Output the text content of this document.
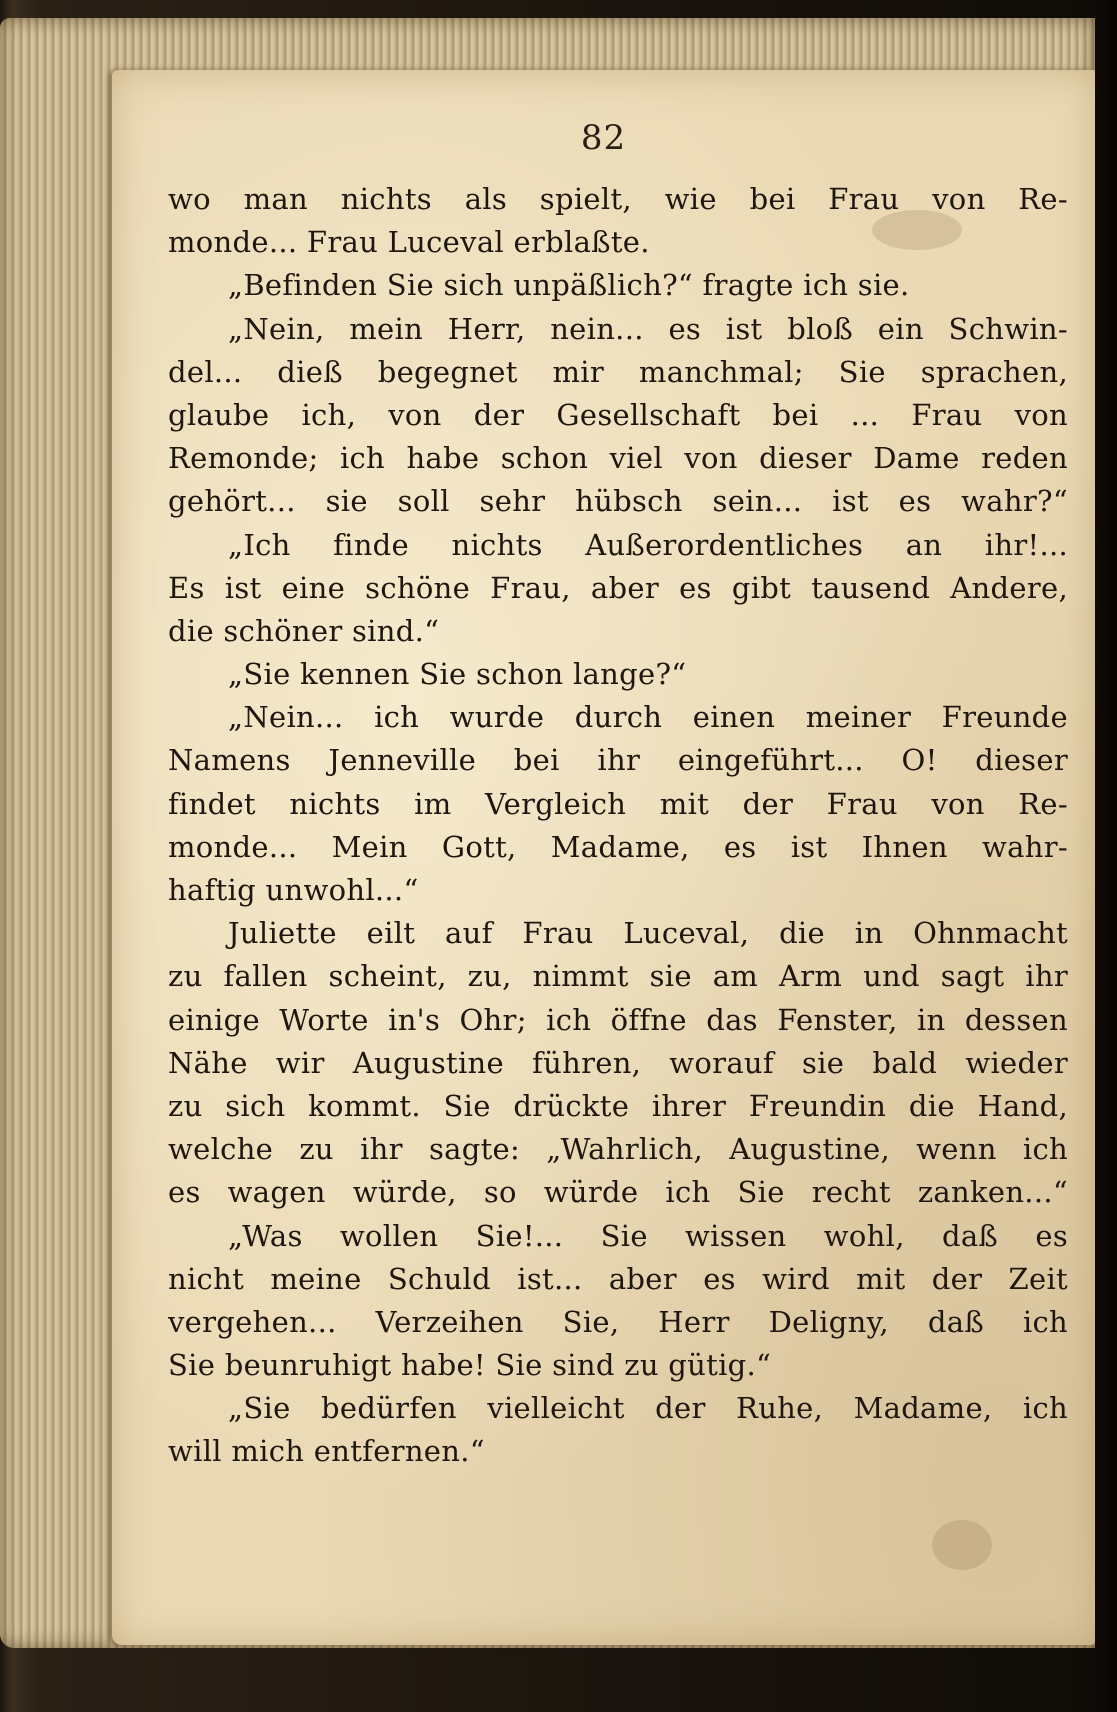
82
wo man nichts als spielt, wie bei Frau von Re-
monde... Frau Luceval erblaßte.
„Befinden Sie sich unpäßlich?“ fragte ich sie.
„Nein, mein Herr, nein... es ist bloß ein Schwin-
del... dieß begegnet mir manchmal; Sie sprachen,
glaube ich, von der Gesellschaft bei ... Frau von
Remonde; ich habe schon viel von dieser Dame reden
gehört... sie soll sehr hübsch sein... ist es wahr?“
„Ich finde nichts Außerordentliches an ihr!...
Es ist eine schöne Frau, aber es gibt tausend Andere,
die schöner sind.“
„Sie kennen Sie schon lange?“
„Nein... ich wurde durch einen meiner Freunde
Namens Jenneville bei ihr eingeführt... O! dieser
findet nichts im Vergleich mit der Frau von Re-
monde... Mein Gott, Madame, es ist Ihnen wahr-
haftig unwohl...“
Juliette eilt auf Frau Luceval, die in Ohnmacht
zu fallen scheint, zu, nimmt sie am Arm und sagt ihr
einige Worte in's Ohr; ich öffne das Fenster, in dessen
Nähe wir Augustine führen, worauf sie bald wieder
zu sich kommt. Sie drückte ihrer Freundin die Hand,
welche zu ihr sagte: „Wahrlich, Augustine, wenn ich
es wagen würde, so würde ich Sie recht zanken...“
„Was wollen Sie!... Sie wissen wohl, daß es
nicht meine Schuld ist... aber es wird mit der Zeit
vergehen... Verzeihen Sie, Herr Deligny, daß ich
Sie beunruhigt habe! Sie sind zu gütig.“
„Sie bedürfen vielleicht der Ruhe, Madame, ich
will mich entfernen.“
